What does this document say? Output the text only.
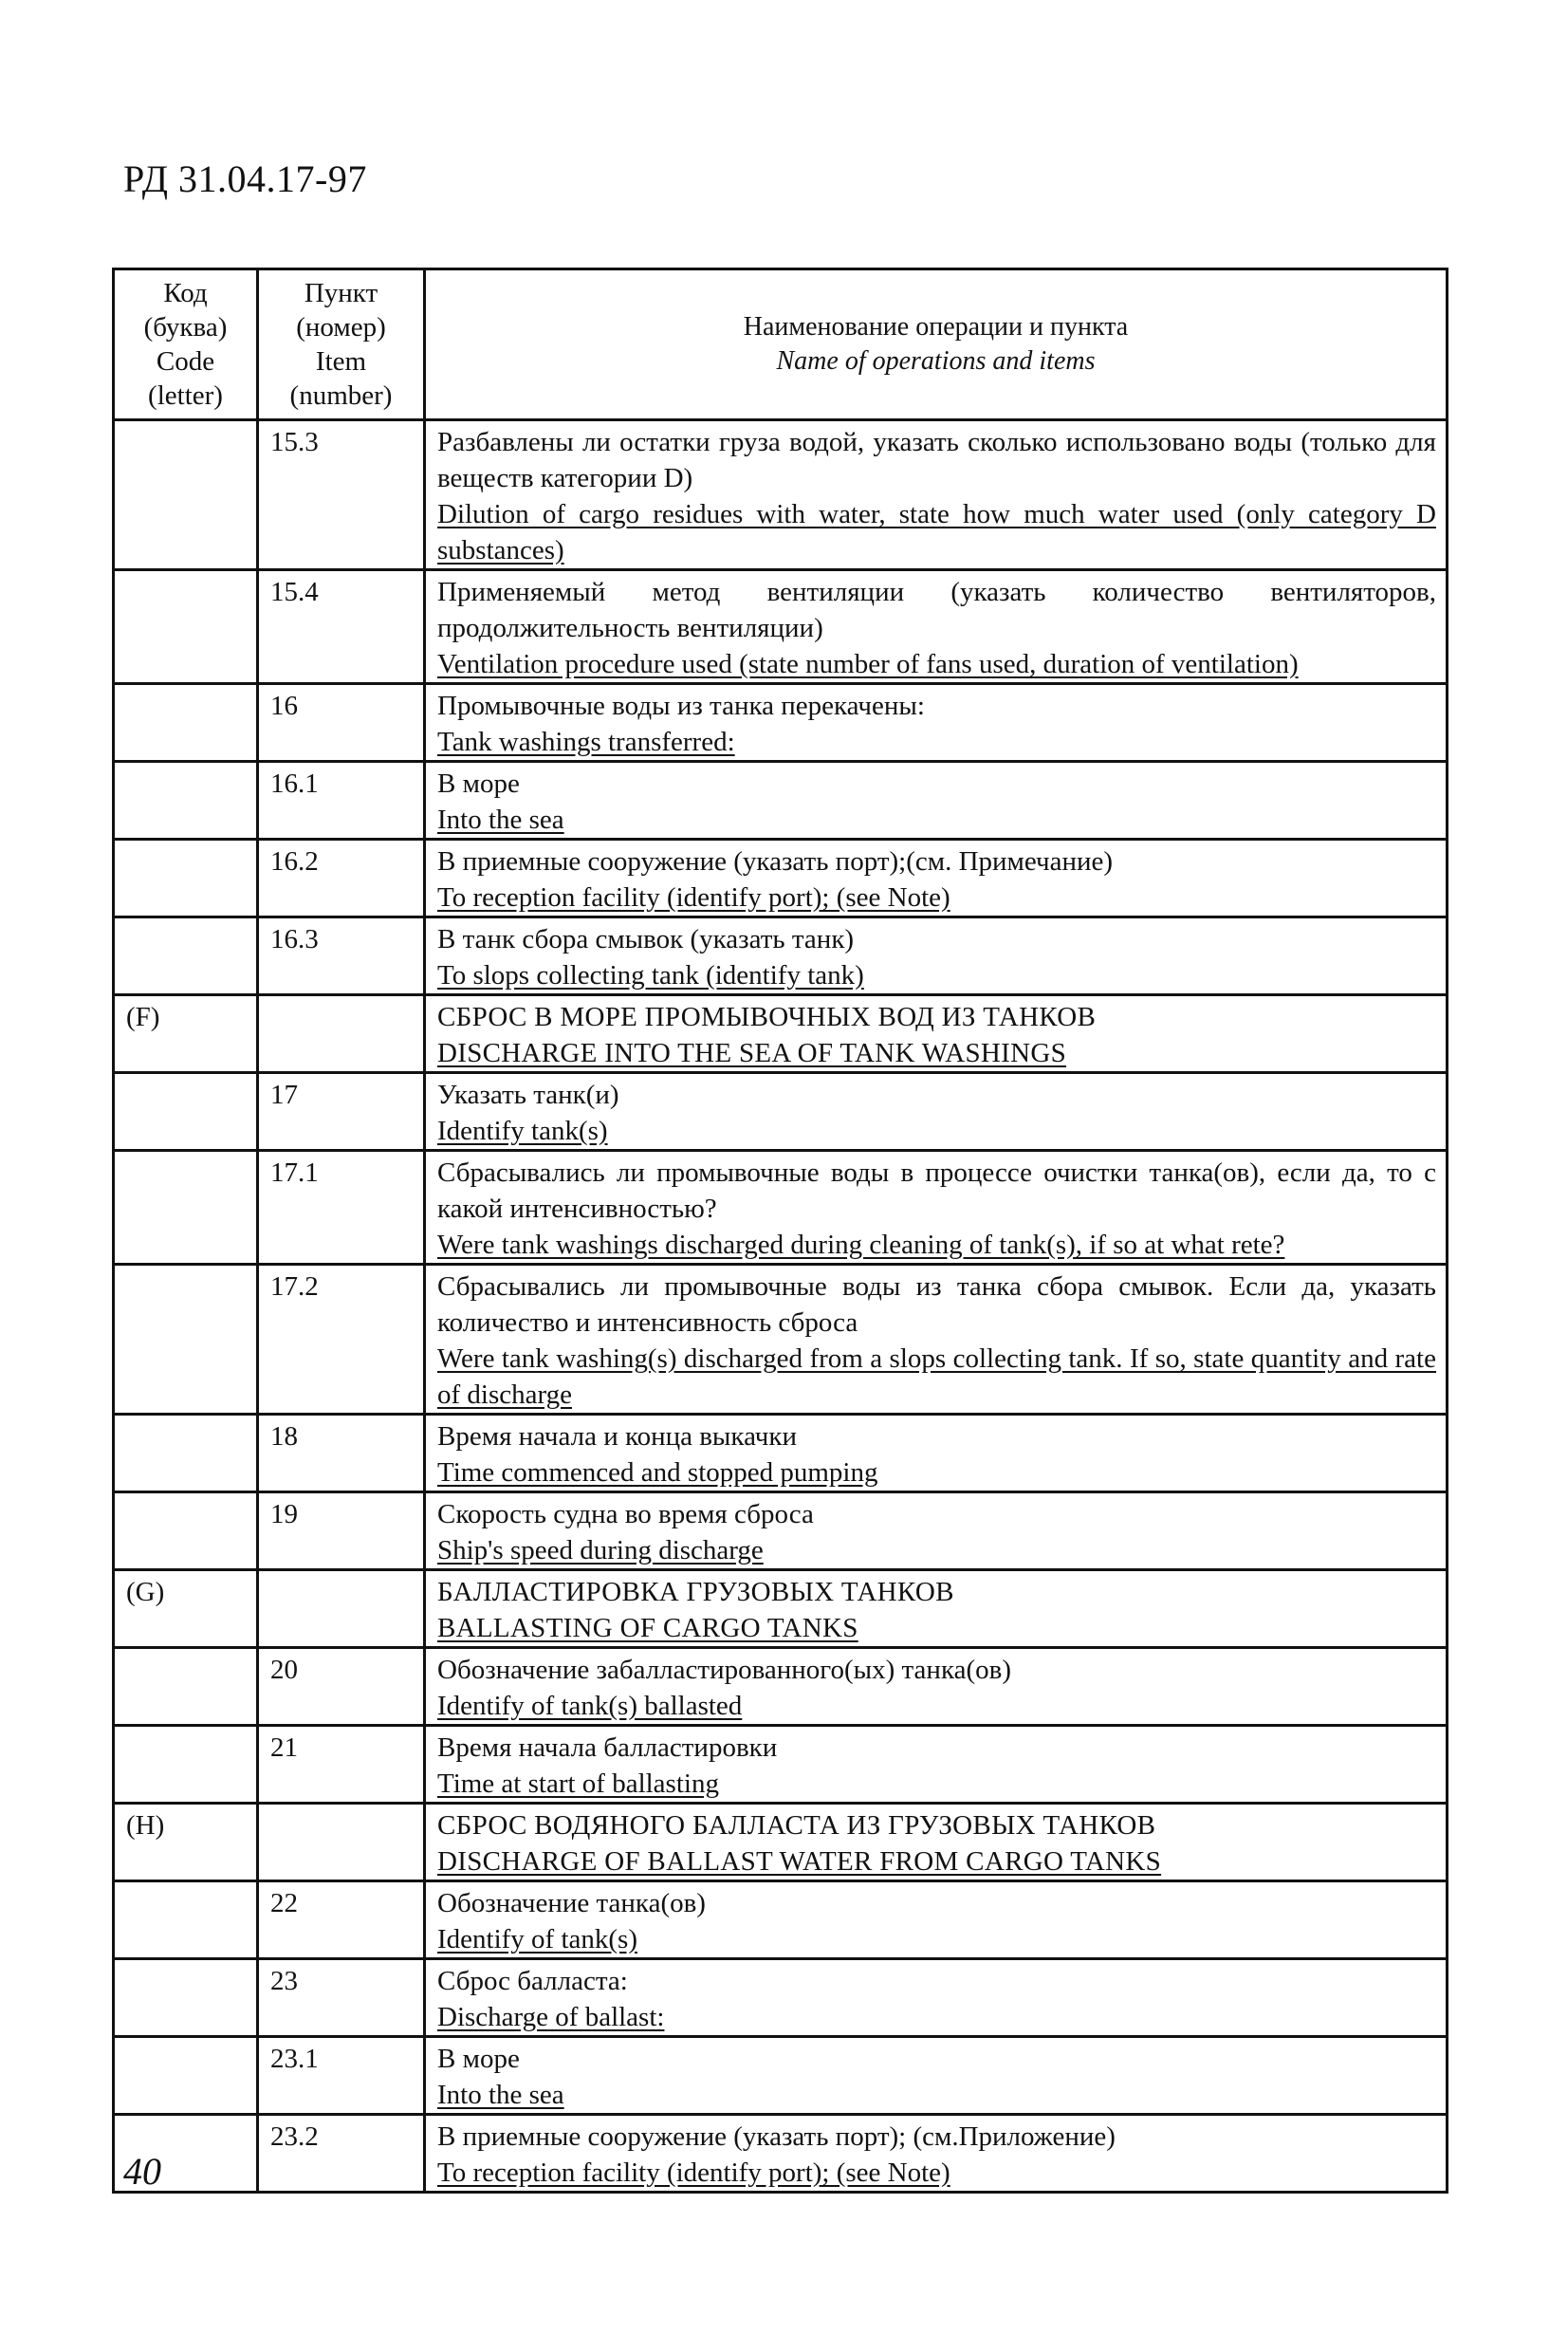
РД 31.04.17-97
Код
(буква)
Code
(letter)	Пункт
(номер)
Item
(number)	Наименование операции и пункта
Name of operations and items

	15.3	Разбавлены ли остатки груза водой, указать сколько использовано воды (только для веществ категории D)
Dilution of cargo residues with water, state how much water used (only category D substances)

	15.4	Применяемый метод вентиляции (указать количество вентиляторов, продолжительность вентиляции)
Ventilation procedure used (state number of fans used, duration of ventilation)

	16	Промывочные воды из танка перекачены:
Tank washings transferred:

	16.1	В море
Into the sea

	16.2	В приемные сооружение (указать порт);(см. Примечание)
To reception facility (identify port); (see Note)

	16.3	В танк сбора смывок (указать танк)
To slops collecting tank (identify tank)

(F)		СБРОС В МОРЕ ПРОМЫВОЧНЫХ ВОД ИЗ ТАНКОВ
DISCHARGE INTO THE SEA OF TANK WASHINGS

	17	Указать танк(и)
Identify tank(s)

	17.1	Сбрасывались ли промывочные воды в процессе очистки танка(ов), если да, то с какой интенсивностью?
Were tank washings discharged during cleaning of tank(s), if so at what rete?

	17.2	Сбрасывались ли промывочные воды из танка сбора смывок. Если да, указать количество и интенсивность сброса
Were tank washing(s) discharged from a slops collecting tank. If so, state quantity and rate of discharge

	18	Время начала и конца выкачки
Time commenced and stopped pumping

	19	Скорость судна во время сброса
Ship's speed during discharge

(G)		БАЛЛАСТИРОВКА ГРУЗОВЫХ ТАНКОВ
BALLASTING OF CARGO TANKS

	20	Обозначение забалластированного(ых) танка(ов)
Identify of tank(s) ballasted

	21	Время начала балластировки
Time at start of ballasting

(H)		СБРОС ВОДЯНОГО БАЛЛАСТА ИЗ ГРУЗОВЫХ ТАНКОВ
DISCHARGE OF BALLAST WATER FROM CARGO TANKS

	22	Обозначение танка(ов)
Identify of tank(s)

	23	Сброс балласта:
Discharge of ballast:

	23.1	В море
Into the sea

	23.2	В приемные сооружение (указать порт); (см.Приложение)
To reception facility (identify port); (see Note)
40
